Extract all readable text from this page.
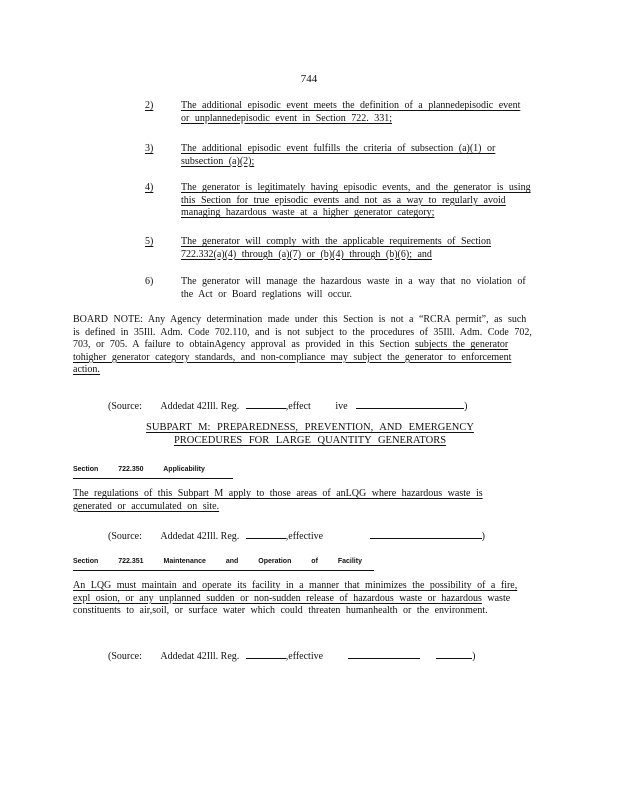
744
2)	The additional episodic event meets the definition of a plannedepisodic event or unplannedepisodic event in Section 722. 331;
3)	The additional episodic event fulfills the criteria of subsection (a)(1) or subsection (a)(2);
4)	The generator is legitimately having episodic events, and the generator is using this Section for true episodic events and not as a way to regularly avoid managing hazardous waste at a higher generator category;
5)	The generator will comply with the applicable requirements of Section 722.332(a)(4) through (a)(7) or (b)(4) through (b)(6); and
6)	The generator will manage the hazardous waste in a way that no violation of the Act or Board reglations will occur.
BOARD NOTE: Any Agency determination made under this Section is not a “RCRA permit”, as such is defined in 35Ill. Adm. Code 702.110, and is not subject to the procedures of 35Ill. Adm. Code 702, 703, or 705. A failure to obtainAgency approval as provided in this Section subjects the generator tohigher generator category standards, and non-compliance may subject the generator to enforcement action.
(Source: Addedat 42Ill. Reg.	,effect ive	)
SUBPART M: PREPAREDNESS, PREVENTION, AND EMERGENCY PROCEDURES FOR LARGE QUANTITY GENERATORS
Section	722.350	Applicability
The regulations of this Subpart M apply to those areas of anLQG where hazardous waste is generated or accumulated on site.
(Source: Addedat 42Ill. Reg.	,effective	)
Section	722.351	Maintenance	and	Operation	of	Facility
An LQG must maintain and operate its facility in a manner that minimizes the possibility of a fire, expl osion, or any unplanned sudden or non-sudden release of hazardous waste or hazardous waste constituents to air,soil, or surface water which could threaten humanhealth or the environment.
(Source: Addedat 42Ill. Reg.	,effective	)
